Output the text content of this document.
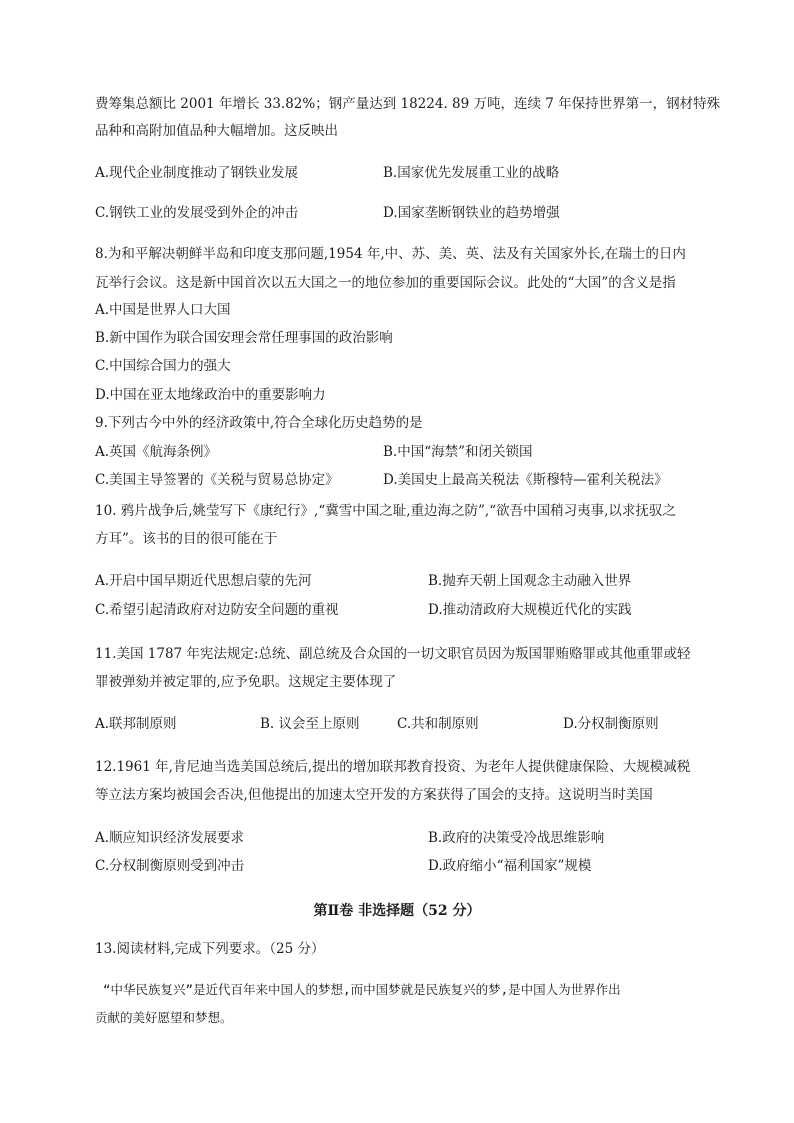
费筹集总额比 2001 年增长 33.82%；钢产量达到 18224. 89 万吨，连续 7 年保持世界第一，钢材特殊
品种和高附加值品种大幅增加。这反映出
A.现代企业制度推动了钢铁业发展	B.国家优先发展重工业的战略
C.钢铁工业的发展受到外企的冲击	D.国家垄断钢铁业的趋势增强
8.为和平解决朝鲜半岛和印度支那问题,1954 年,中、苏、美、英、法及有关国家外长,在瑞士的日内
瓦举行会议。这是新中国首次以五大国之一的地位参加的重要国际会议。此处的“大国”的含义是指
A.中国是世界人口大国
B.新中国作为联合国安理会常任理事国的政治影响
C.中国综合国力的强大
D.中国在亚太地缘政治中的重要影响力
9.下列古今中外的经济政策中,符合全球化历史趋势的是
A.英国《航海条例》	B.中国“海禁”和闭关锁国
C.美国主导签署的《关税与贸易总协定》	D.美国史上最高关税法《斯穆特—霍利关税法》
10. 鸦片战争后,姚莹写下《康纪行》,“冀雪中国之耻,重边海之防”,“欲吾中国稍习夷事,以求抚驭之
方耳”。该书的目的很可能在于
A.开启中国早期近代思想启蒙的先河	B.抛弃天朝上国观念主动融入世界
C.希望引起清政府对边防安全问题的重视	D.推动清政府大规模近代化的实践
11.美国 1787 年宪法规定:总统、副总统及合众国的一切文职官员因为叛国罪贿赂罪或其他重罪或轻
罪被弹劾并被定罪的,应予免职。这规定主要体现了
A.联邦制原则	B. 议会至上原则	C.共和制原则	D.分权制衡原则
12.1961 年,肯尼迪当选美国总统后,提出的增加联邦教育投资、为老年人提供健康保险、大规模减税
等立法方案均被国会否决,但他提出的加速太空开发的方案获得了国会的支持。这说明当时美国
A.顺应知识经济发展要求	B.政府的决策受冷战思维影响
C.分权制衡原则受到冲击	D.政府缩小“福利国家”规模
第Ⅱ卷 非选择题（52 分）
13.阅读材料,完成下列要求。（25 分）
“中华民族复兴”是近代百年来中国人的梦想,而中国梦就是民族复兴的梦,是中国人为世界作出
贡献的美好愿望和梦想。
